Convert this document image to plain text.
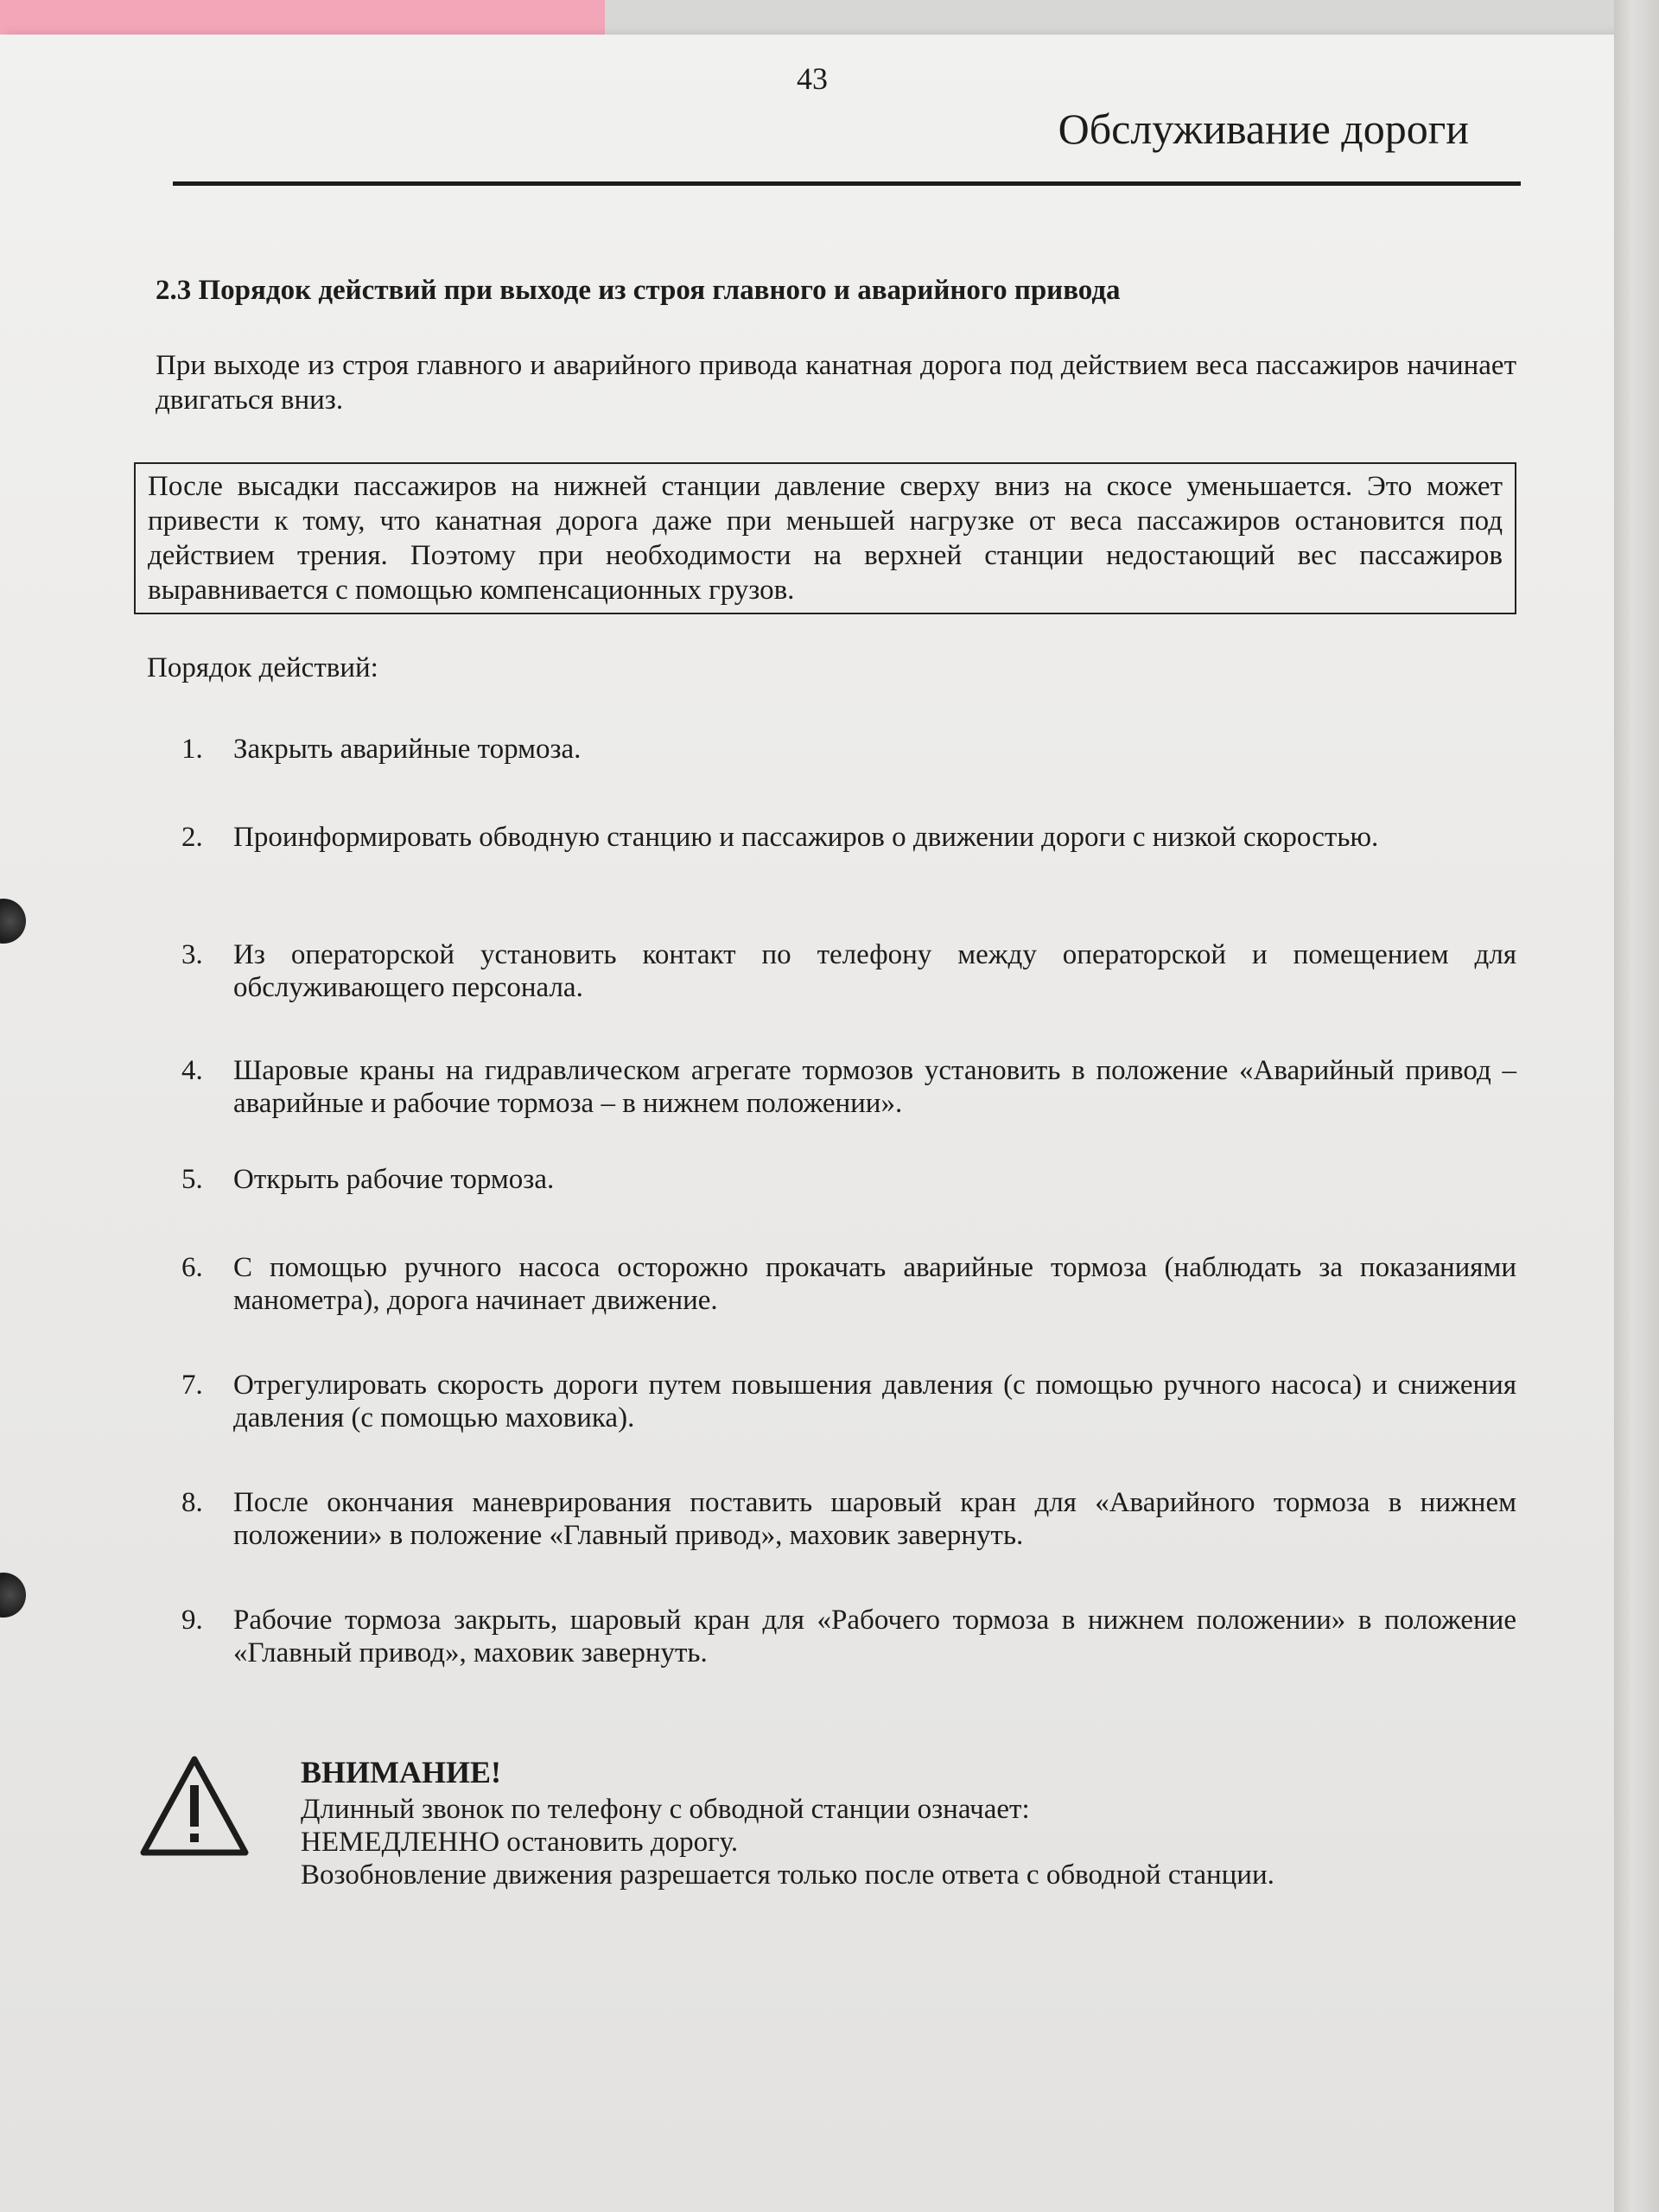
43
Обслуживание дороги
2.3 Порядок действий при выходе из строя главного и аварийного привода
При выходе из строя главного и аварийного привода канатная дорога под действием веса пассажиров начинает двигаться вниз.
После высадки пассажиров на нижней станции давление сверху вниз на скосе уменьшается. Это может привести к тому, что канатная дорога даже при меньшей нагрузке от веса пассажиров остановится под действием трения. Поэтому при необходимости на верхней станции недостающий вес пассажиров выравнивается с помощью компенсационных грузов.
Порядок действий:
1.	Закрыть аварийные тормоза.
2.	Проинформировать обводную станцию и пассажиров о движении дороги с низкой скоростью.
3.	Из операторской установить контакт по телефону между операторской и помещением для обслуживающего персонала.
4.	Шаровые краны на гидравлическом агрегате тормозов установить в положение «Аварийный привод – аварийные и рабочие тормоза – в нижнем положении».
5.	Открыть рабочие тормоза.
6.	С помощью ручного насоса осторожно прокачать аварийные тормоза (наблюдать за показаниями манометра), дорога начинает движение.
7.	Отрегулировать скорость дороги путем повышения давления (с помощью ручного насоса) и снижения давления (с помощью маховика).
8.	После окончания маневрирования поставить шаровый кран для «Аварийного тормоза в нижнем положении» в положение «Главный привод», маховик завернуть.
9.	Рабочие тормоза закрыть, шаровый кран для «Рабочего тормоза в нижнем положении» в положение «Главный привод», маховик завернуть.
ВНИМАНИЕ!
Длинный звонок по телефону с обводной станции означает:
НЕМЕДЛЕННО остановить дорогу.
Возобновление движения разрешается только после ответа с обводной станции.
